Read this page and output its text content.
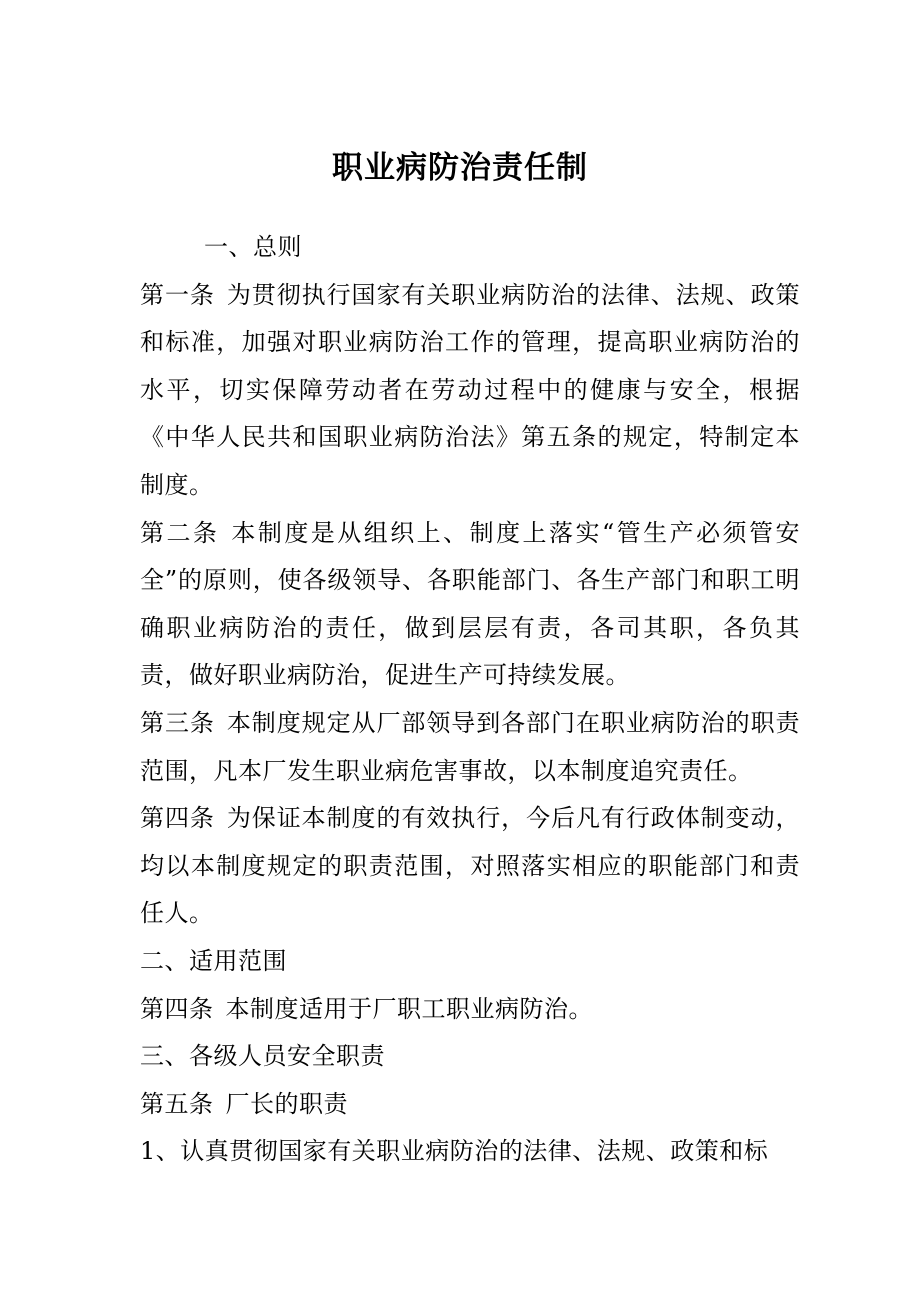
职业病防治责任制

一、总则

第一条 为贯彻执行国家有关职业病防治的法律、法规、政策和标准，加强对职业病防治工作的管理，提高职业病防治的水平，切实保障劳动者在劳动过程中的健康与安全，根据《中华人民共和国职业病防治法》第五条的规定，特制定本制度。

第二条 本制度是从组织上、制度上落实“管生产必须管安全”的原则，使各级领导、各职能部门、各生产部门和职工明确职业病防治的责任，做到层层有责，各司其职，各负其责，做好职业病防治，促进生产可持续发展。

第三条 本制度规定从厂部领导到各部门在职业病防治的职责范围，凡本厂发生职业病危害事故，以本制度追究责任。

第四条 为保证本制度的有效执行，今后凡有行政体制变动，均以本制度规定的职责范围，对照落实相应的职能部门和责任人。

二、适用范围

第四条 本制度适用于厂职工职业病防治。

三、各级人员安全职责

第五条 厂长的职责

1、认真贯彻国家有关职业病防治的法律、法规、政策和标
